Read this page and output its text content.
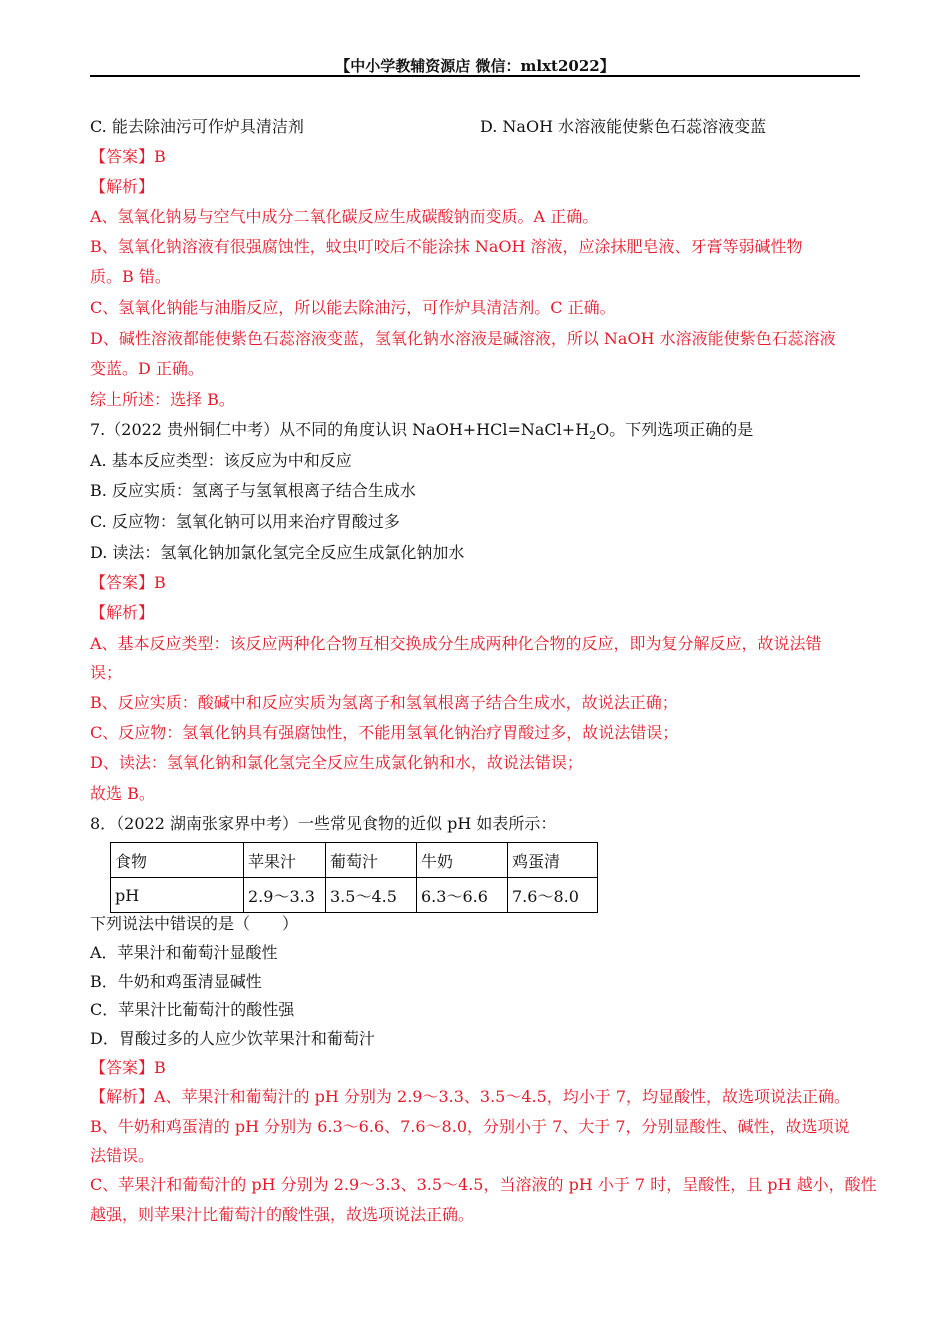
【中小学教辅资源店 微信：mlxt2022】
C. 能去除油污可作炉具清洁剂	D. NaOH 水溶液能使紫色石蕊溶液变蓝
【答案】B
【解析】
A、氢氧化钠易与空气中成分二氧化碳反应生成碳酸钠而变质。A 正确。
B、氢氧化钠溶液有很强腐蚀性，蚊虫叮咬后不能涂抹 NaOH 溶液，应涂抹肥皂液、牙膏等弱碱性物
质。B 错。
C、氢氧化钠能与油脂反应，所以能去除油污，可作炉具清洁剂。C 正确。
D、碱性溶液都能使紫色石蕊溶液变蓝，氢氧化钠水溶液是碱溶液，所以 NaOH 水溶液能使紫色石蕊溶液
变蓝。D 正确。
综上所述：选择 B。
7.（2022 贵州铜仁中考）从不同的角度认识 $NaOH+HCl=NaCl+H_2O$。下列选项正确的是
A. 基本反应类型：该反应为中和反应
B. 反应实质：氢离子与氢氧根离子结合生成水
C. 反应物：氢氧化钠可以用来治疗胃酸过多
D. 读法：氢氧化钠加氯化氢完全反应生成氯化钠加水
【答案】B
【解析】
A、基本反应类型：该反应两种化合物互相交换成分生成两种化合物的反应，即为复分解反应，故说法错
误；
B、反应实质：酸碱中和反应实质为氢离子和氢氧根离子结合生成水，故说法正确；
C、反应物：氢氧化钠具有强腐蚀性，不能用氢氧化钠治疗胃酸过多，故说法错误；
D、读法：氢氧化钠和氯化氢完全反应生成氯化钠和水，故说法错误；
故选 B。
8．（2022 湖南张家界中考）一些常见食物的近似 pH 如表所示：
食物	苹果汁	葡萄汁	牛奶	鸡蛋清
pH	2.9～3.3	3.5～4.5	6.3～6.6	7.6～8.0
下列说法中错误的是（　　）
A．苹果汁和葡萄汁显酸性
B．牛奶和鸡蛋清显碱性
C．苹果汁比葡萄汁的酸性强
D．胃酸过多的人应少饮苹果汁和葡萄汁
【答案】B
【解析】A、苹果汁和葡萄汁的 pH 分别为 2.9～3.3、3.5～4.5，均小于 7，均显酸性，故选项说法正确。
B、牛奶和鸡蛋清的 pH 分别为 6.3～6.6、7.6～8.0，分别小于 7、大于 7，分别显酸性、碱性，故选项说
法错误。
C、苹果汁和葡萄汁的 pH 分别为 2.9～3.3、3.5～4.5，当溶液的 pH 小于 7 时，呈酸性，且 pH 越小，酸性
越强，则苹果汁比葡萄汁的酸性强，故选项说法正确。
